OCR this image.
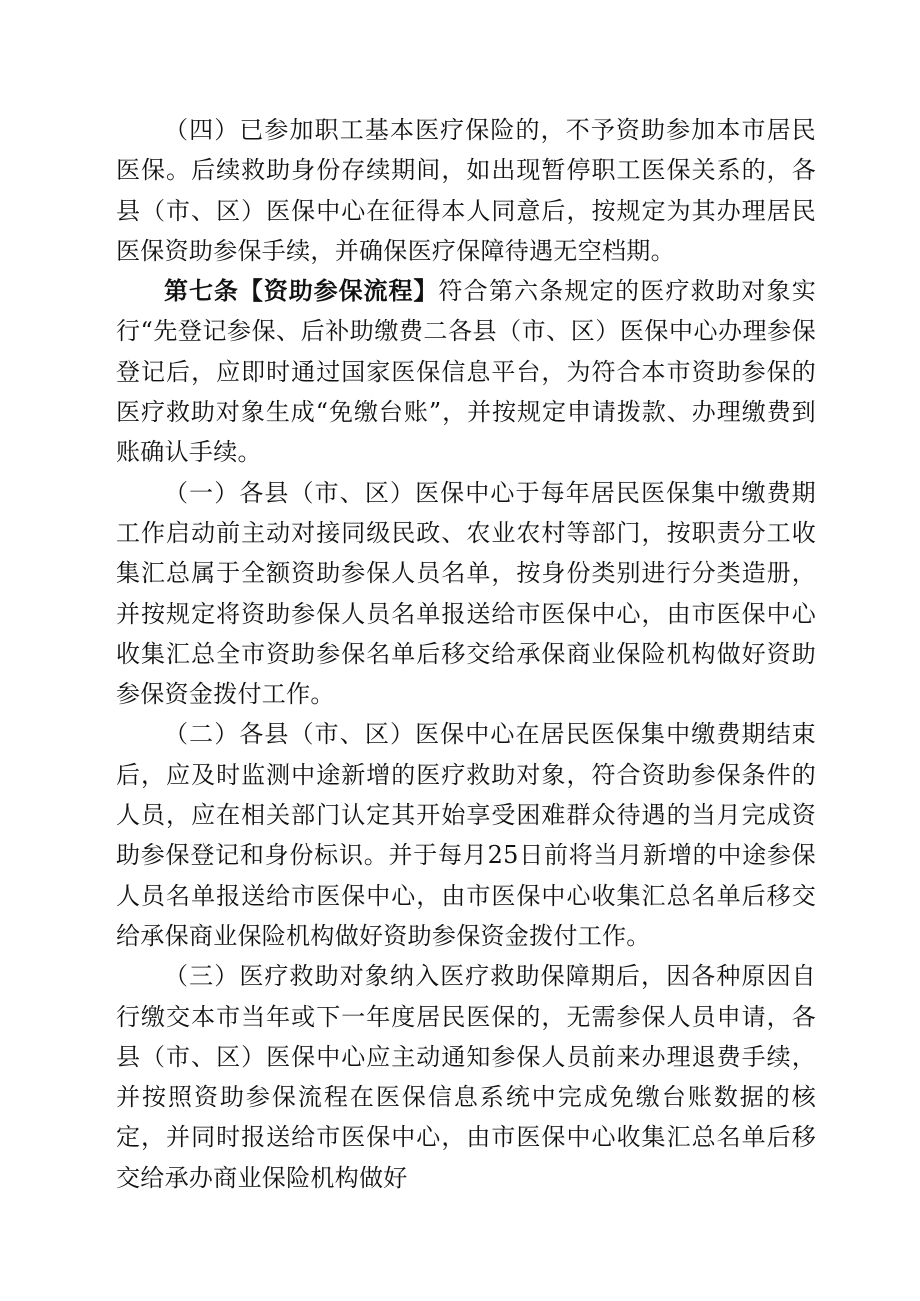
（四）已参加职工基本医疗保险的，不予资助参加本市居民医保。后续救助身份存续期间，如出现暂停职工医保关系的，各县（市、区）医保中心在征得本人同意后，按规定为其办理居民医保资助参保手续，并确保医疗保障待遇无空档期。

第七条【资助参保流程】符合第六条规定的医疗救助对象实行“先登记参保、后补助缴费二各县（市、区）医保中心办理参保登记后，应即时通过国家医保信息平台，为符合本市资助参保的医疗救助对象生成“免缴台账”，并按规定申请拨款、办理缴费到账确认手续。

（一）各县（市、区）医保中心于每年居民医保集中缴费期工作启动前主动对接同级民政、农业农村等部门，按职责分工收集汇总属于全额资助参保人员名单，按身份类别进行分类造册，并按规定将资助参保人员名单报送给市医保中心，由市医保中心收集汇总全市资助参保名单后移交给承保商业保险机构做好资助参保资金拨付工作。

（二）各县（市、区）医保中心在居民医保集中缴费期结束后，应及时监测中途新增的医疗救助对象，符合资助参保条件的人员，应在相关部门认定其开始享受困难群众待遇的当月完成资助参保登记和身份标识。并于每月25日前将当月新增的中途参保人员名单报送给市医保中心，由市医保中心收集汇总名单后移交给承保商业保险机构做好资助参保资金拨付工作。

（三）医疗救助对象纳入医疗救助保障期后，因各种原因自行缴交本市当年或下一年度居民医保的，无需参保人员申请，各县（市、区）医保中心应主动通知参保人员前来办理退费手续，并按照资助参保流程在医保信息系统中完成免缴台账数据的核定，并同时报送给市医保中心，由市医保中心收集汇总名单后移交给承办商业保险机构做好
